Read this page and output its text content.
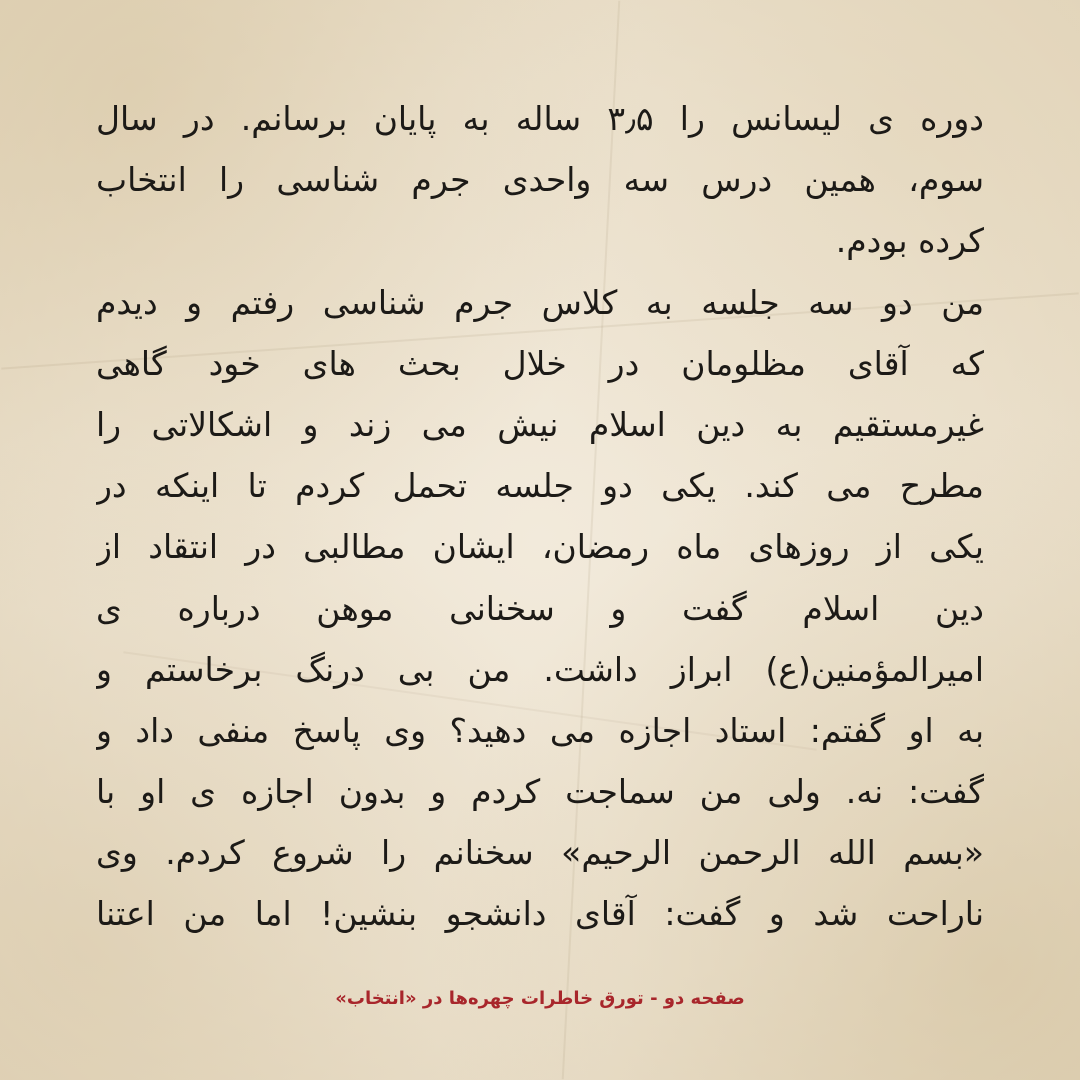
دوره ی لیسانس را ۳٫۵ ساله به پایان برسانم. در سال
سوم، همین درس سه واحدی جرم شناسی را انتخاب
کرده بودم.
من دو سه جلسه به کلاس جرم شناسی رفتم و دیدم
که آقای مظلومان در خلال بحث های خود گاهی
غیرمستقیم به دین اسلام نیش می زند و اشکالاتی را
مطرح می کند. یکی دو جلسه تحمل کردم تا اینکه در
یکی از روزهای ماه رمضان، ایشان مطالبی در انتقاد از
دین اسلام گفت و سخنانی موهن درباره ی
امیرالمؤمنین(ع) ابراز داشت. من بی درنگ برخاستم و
به او گفتم: استاد اجازه می دهید؟ وی پاسخ منفی داد و
گفت: نه. ولی من سماجت کردم و بدون اجازه ی او با
«بسم الله الرحمن الرحیم» سخنانم را شروع کردم. وی
ناراحت شد و گفت: آقای دانشجو بنشین! اما من اعتنا
صفحه دو - تورق خاطرات چهره‌ها در «انتخاب»
